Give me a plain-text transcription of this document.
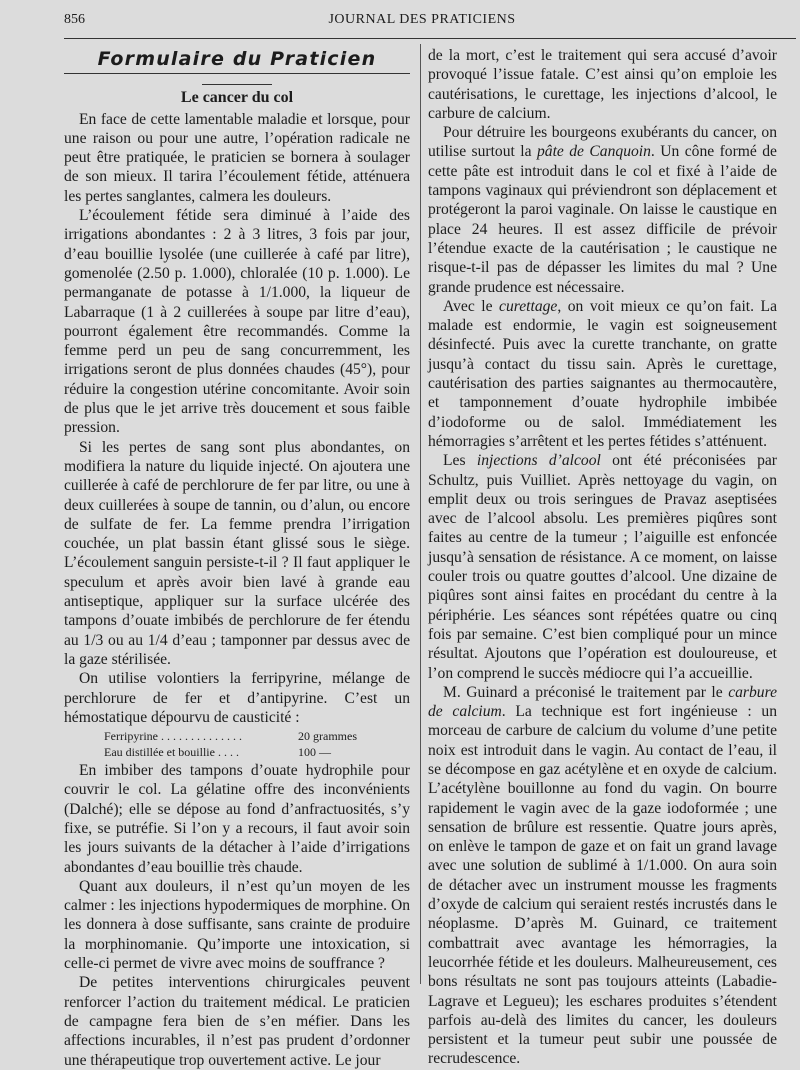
856	JOURNAL DES PRATICIENS
Formulaire du Praticien
Le cancer du col

En face de cette lamentable maladie et lorsque, pour une raison ou pour une autre, l’opération radicale ne peut être pratiquée, le praticien se bornera à soulager de son mieux. Il tarira l’écoulement fétide, atténuera les pertes sanglantes, calmera les douleurs.

L’écoulement fétide sera diminué à l’aide des irrigations abondantes : 2 à 3 litres, 3 fois par jour, d’eau bouillie lysolée (une cuillerée à café par litre), gomenolée (2.50 p. 1.000), chloralée (10 p. 1.000). Le permanganate de potasse à 1/1.000, la liqueur de Labarraque (1 à 2 cuillerées à soupe par litre d’eau), pourront également être recommandés. Comme la femme perd un peu de sang concurremment, les irrigations seront de plus données chaudes (45°), pour réduire la congestion utérine concomitante. Avoir soin de plus que le jet arrive très doucement et sous faible pression.

Si les pertes de sang sont plus abondantes, on modifiera la nature du liquide injecté. On ajoutera une cuillerée à café de perchlorure de fer par litre, ou une à deux cuillerées à soupe de tannin, ou d’alun, ou encore de sulfate de fer. La femme prendra l’irrigation couchée, un plat bassin étant glissé sous le siège. L’écoulement sanguin persiste-t-il ? Il faut appliquer le speculum et après avoir bien lavé à grande eau antiseptique, appliquer sur la surface ulcérée des tampons d’ouate imbibés de perchlorure de fer étendu au 1/3 ou au 1/4 d’eau ; tamponner par dessus avec de la gaze stérilisée.

On utilise volontiers la ferripyrine, mélange de perchlorure de fer et d’antipyrine. C’est un hémostatique dépourvu de causticité :

Ferripyrine . . . . . . . . . . . . . .	20 grammes
Eau distillée et bouillie . . . .	100 —

En imbiber des tampons d’ouate hydrophile pour couvrir le col. La gélatine offre des inconvénients (Dalché); elle se dépose au fond d’anfractuosités, s’y fixe, se putréfie. Si l’on y a recours, il faut avoir soin les jours suivants de la détacher à l’aide d’irrigations abondantes d’eau bouillie très chaude.

Quant aux douleurs, il n’est qu’un moyen de les calmer : les injections hypodermiques de morphine. On les donnera à dose suffisante, sans crainte de produire la morphinomanie. Qu’importe une intoxication, si celle-ci permet de vivre avec moins de souffrance ?

De petites interventions chirurgicales peuvent renforcer l’action du traitement médical. Le praticien de campagne fera bien de s’en méfier. Dans les affections incurables, il n’est pas prudent d’ordonner une thérapeutique trop ouvertement active. Le jour

de la mort, c’est le traitement qui sera accusé d’avoir provoqué l’issue fatale. C’est ainsi qu’on emploie les cautérisations, le curettage, les injections d’alcool, le carbure de calcium.

Pour détruire les bourgeons exubérants du cancer, on utilise surtout la pâte de Canquoin. Un cône formé de cette pâte est introduit dans le col et fixé à l’aide de tampons vaginaux qui préviendront son déplacement et protégeront la paroi vaginale. On laisse le caustique en place 24 heures. Il est assez difficile de prévoir l’étendue exacte de la cautérisation ; le caustique ne risque-t-il pas de dépasser les limites du mal ? Une grande prudence est nécessaire.

Avec le curettage, on voit mieux ce qu’on fait. La malade est endormie, le vagin est soigneusement désinfecté. Puis avec la curette tranchante, on gratte jusqu’à contact du tissu sain. Après le curettage, cautérisation des parties saignantes au thermocautère, et tamponnement d’ouate hydrophile imbibée d’iodoforme ou de salol. Immédiatement les hémorragies s’arrêtent et les pertes fétides s’atténuent.

Les injections d’alcool ont été préconisées par Schultz, puis Vuilliet. Après nettoyage du vagin, on emplit deux ou trois seringues de Pravaz aseptisées avec de l’alcool absolu. Les premières piqûres sont faites au centre de la tumeur ; l’aiguille est enfoncée jusqu’à sensation de résistance. A ce moment, on laisse couler trois ou quatre gouttes d’alcool. Une dizaine de piqûres sont ainsi faites en procédant du centre à la périphérie. Les séances sont répétées quatre ou cinq fois par semaine. C’est bien compliqué pour un mince résultat. Ajoutons que l’opération est douloureuse, et l’on comprend le succès médiocre qui l’a accueillie.

M. Guinard a préconisé le traitement par le carbure de calcium. La technique est fort ingénieuse : un morceau de carbure de calcium du volume d’une petite noix est introduit dans le vagin. Au contact de l’eau, il se décompose en gaz acétylène et en oxyde de calcium. L’acétylène bouillonne au fond du vagin. On bourre rapidement le vagin avec de la gaze iodoformée ; une sensation de brûlure est ressentie. Quatre jours après, on enlève le tampon de gaze et on fait un grand lavage avec une solution de sublimé à 1/1.000. On aura soin de détacher avec un instrument mousse les fragments d’oxyde de calcium qui seraient restés incrustés dans le néoplasme. D’après M. Guinard, ce traitement combattrait avec avantage les hémorragies, la leucorrhée fétide et les douleurs. Malheureusement, ces bons résultats ne sont pas toujours atteints (Labadie-Lagrave et Legueu); les eschares produites s’étendent parfois au-delà des limites du cancer, les douleurs persistent et la tumeur peut subir une poussée de recrudescence.
